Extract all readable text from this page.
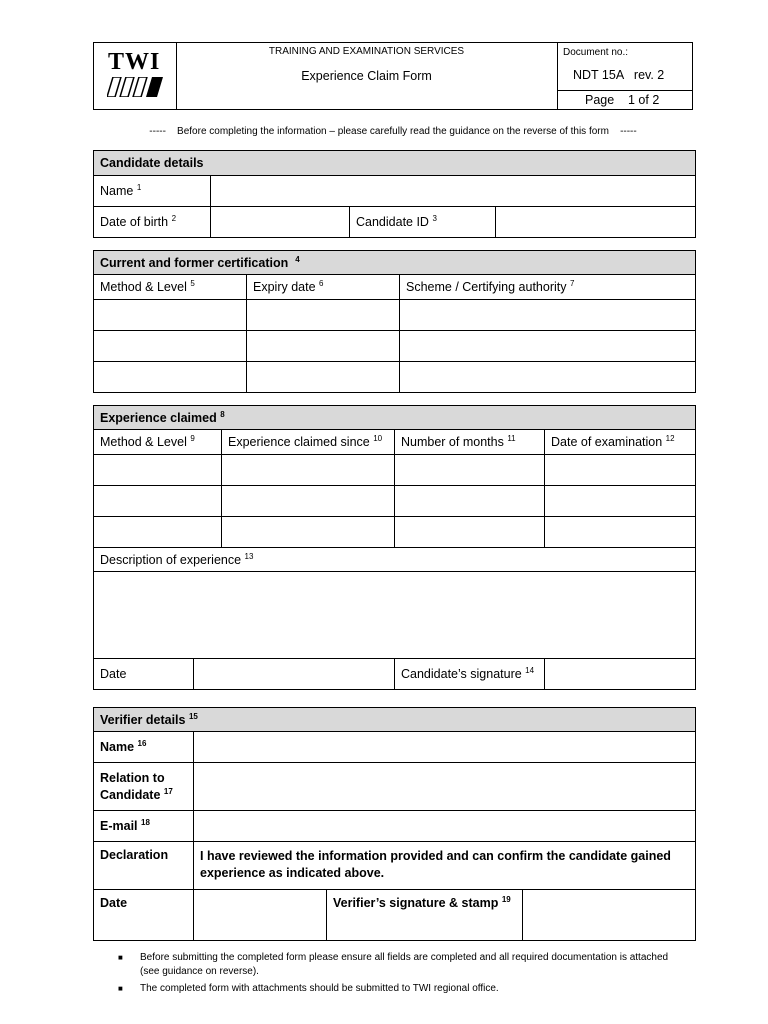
TWI	TRAINING AND EXAMINATION SERVICES
Experience Claim Form
Document no.:
NDT 15A   rev. 2
Page 1 of 2
-----    Before completing the information – please carefully read the guidance on the reverse of this form    -----
Candidate details			
Name $^1$	
Date of birth $^2$		Candidate ID $^3$	
Current and former certification $^4$
Method & Level $^5$	Expiry date $^6$	Scheme / Certifying authority $^7$

Experience claimed $^8$
Method & Level $^9$		Experience claimed since $^{10}$	Number of months $^{11}$	Date of examination $^{12}$

Description of experience $^{13}$

Date			Candidate’s signature $^{14}$	
Verifier details $^{15}$
Name $^{16}$	
Relation to Candidate $^{17}$	
E-mail $^{18}$	
Declaration	I have reviewed the information provided and can confirm the candidate gained experience as indicated above.		
Date		Verifier’s signature & stamp $^{19}$	
■ Before submitting the completed form please ensure all fields are completed and all required documentation is attached (see guidance on reverse).
■ The completed form with attachments should be submitted to TWI regional office.
